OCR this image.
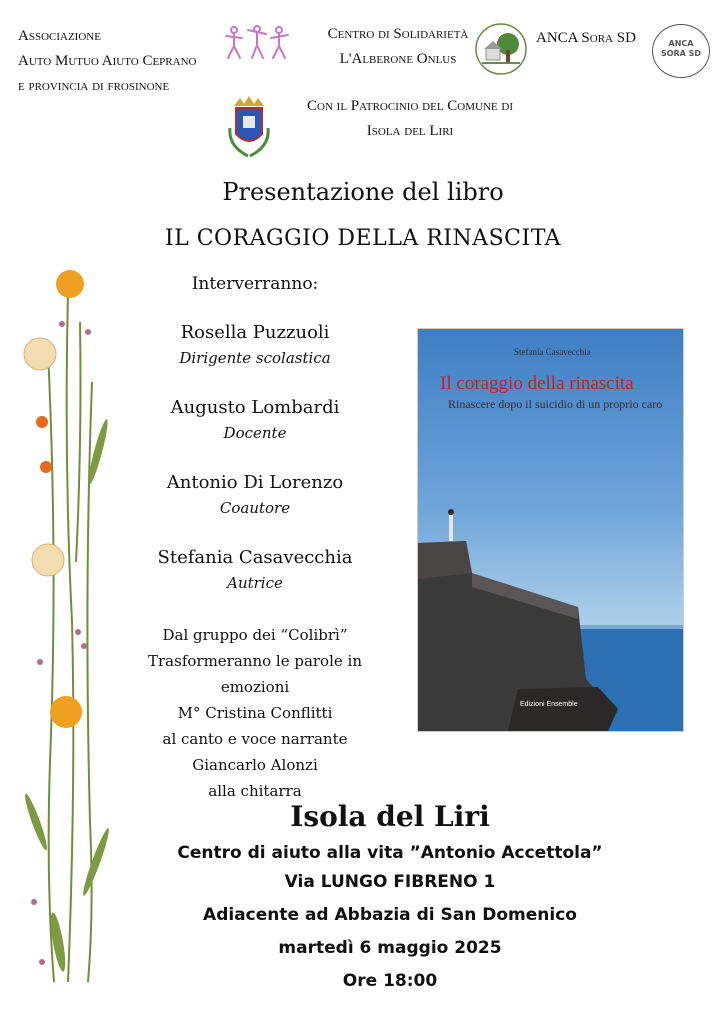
Associazione
Auto Mutuo Aiuto Ceprano
e provincia di frosinone
Centro di Solidarietà
L'Alberone Onlus
ANCA Sora SD	ANCA
SORA SD
Con il Patrocinio del Comune di
Isola del Liri
Presentazione del libro
IL CORAGGIO DELLA RINASCITA
Interverranno:
Rosella Puzzuoli
Dirigente scolastica
Augusto Lombardi
Docente
Antonio Di Lorenzo
Coautore
Stefania Casavecchia
Autrice
Dal gruppo dei “Colibrì”
Trasformeranno le parole in emozioni
M° Cristina Conflitti
al canto e voce narrante
Giancarlo Alonzi
alla chitarra
Stefania Casavecchia
Il coraggio della rinascita
Rinascere dopo il suicidio di un proprio caro
Edizioni Ensemble
Isola del Liri
Centro di aiuto alla vita ”Antonio Accettola”
Via LUNGO FIBRENO 1
Adiacente ad Abbazia di San Domenico
martedì 6 maggio 2025
Ore 18:00
